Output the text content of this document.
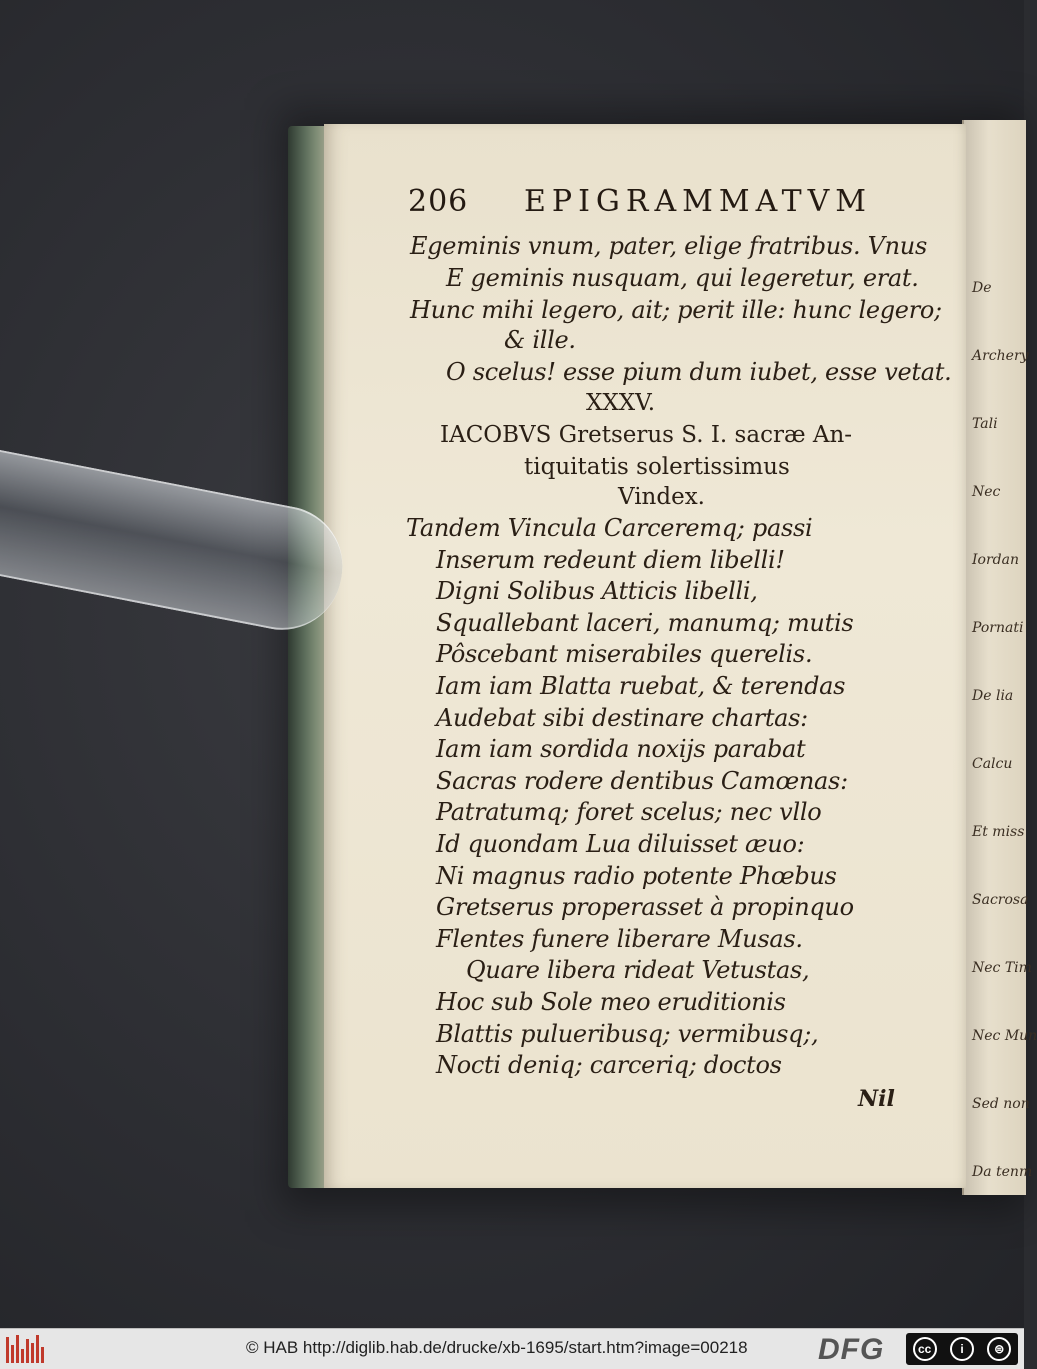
De
Archery
Tali
Nec
Iordan
Pornati
De lia
Calcu
Et miss
Sacrosa
Nec Tim
Nec Mun
Sed non
Da tenm
206 EPIGRAMMATVM
Egeminis vnum, pater, elige fratribus. Vnus
E geminis nusquam, qui legeretur, erat.
Hunc mihi legero, ait; perit ille: hunc legero;
& ille.
O scelus! esse pium dum iubet, esse vetat.
XXXV.
IACOBVS Gretserus S. I. sacræ An-
tiquitatis solertissimus
Vindex.
Tandem Vincula Carceremq; passi
Inserum redeunt diem libelli!
Digni Solibus Atticis libelli,
Squallebant laceri, manumq; mutis
Pôscebant miserabiles querelis.
Iam iam Blatta ruebat, & terendas
Audebat sibi destinare chartas:
Iam iam sordida noxijs parabat
Sacras rodere dentibus Camœnas:
Patratumq; foret scelus; nec vllo
Id quondam Lua diluisset æuo:
Ni magnus radio potente Phœbus
Gretserus properasset à propinquo
Flentes funere liberare Musas.
Quare libera rideat Vetustas,
Hoc sub Sole meo eruditionis
Blattis pulueribusq; vermibusq;,
Nocti deniq; carceriq; doctos
Nil
© HAB http://diglib.hab.de/drucke/xb-1695/start.htm?image=00218 DFG	cc	i	⊜
